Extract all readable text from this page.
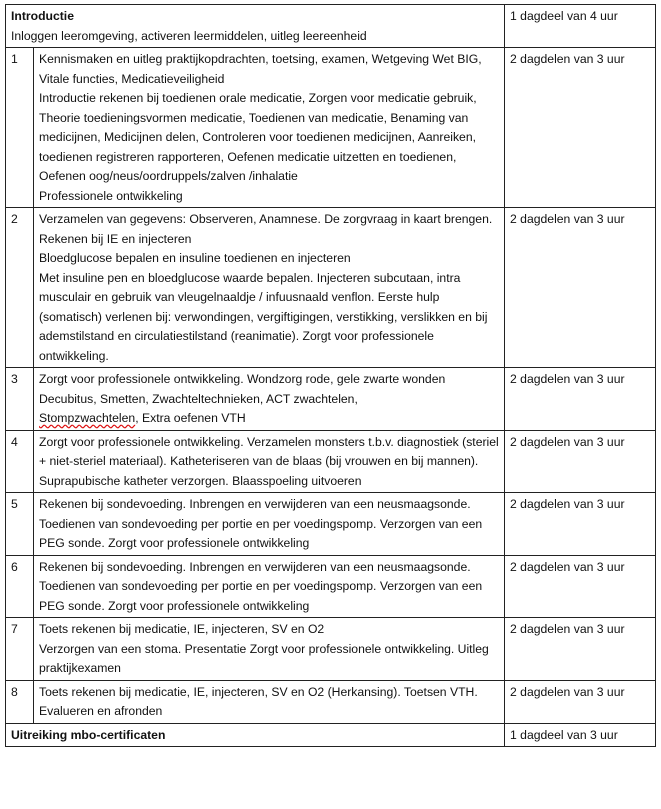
Introductie
Inloggen leeromgeving, activeren leermiddelen, uitleg leereenheid		1 dagdeel van 4 uur
1	Kennismaken en uitleg praktijkopdrachten, toetsing, examen, Wetgeving Wet BIG, Vitale functies, Medicatieveiligheid
Introductie rekenen bij toedienen orale medicatie, Zorgen voor medicatie gebruik, Theorie toedieningsvormen medicatie, Toedienen van medicatie, Benaming van medicijnen, Medicijnen delen, Controleren voor toedienen medicijnen, Aanreiken, toedienen registreren rapporteren, Oefenen medicatie uitzetten en toedienen, Oefenen oog/neus/oordruppels/zalven /inhalatie
Professionele ontwikkeling	2 dagdelen van 3 uur
2	Verzamelen van gegevens: Observeren, Anamnese. De zorgvraag in kaart brengen. Rekenen bij IE en injecteren
Bloedglucose bepalen en insuline toedienen en injecteren
Met insuline pen en bloedglucose waarde bepalen. Injecteren subcutaan, intra musculair en gebruik van vleugelnaaldje / infuusnaald venflon. Eerste hulp (somatisch) verlenen bij: verwondingen, vergiftigingen, verstikking, verslikken en bij ademstilstand en circulatiestilstand (reanimatie). Zorgt voor professionele ontwikkeling.	2 dagdelen van 3 uur
3	Zorgt voor professionele ontwikkeling. Wondzorg rode, gele zwarte wonden Decubitus, Smetten, Zwachteltechnieken, ACT zwachtelen,
Stompzwachtelen, Extra oefenen VTH	2 dagdelen van 3 uur
4	Zorgt voor professionele ontwikkeling. Verzamelen monsters t.b.v. diagnostiek (steriel + niet-steriel materiaal). Katheteriseren van de blaas (bij vrouwen en bij mannen). Suprapubische katheter verzorgen. Blaasspoeling uitvoeren	2 dagdelen van 3 uur
5	Rekenen bij sondevoeding. Inbrengen en verwijderen van een neusmaagsonde. Toedienen van sondevoeding per portie en per voedingspomp. Verzorgen van een PEG sonde. Zorgt voor professionele ontwikkeling	2 dagdelen van 3 uur
6	Rekenen bij sondevoeding. Inbrengen en verwijderen van een neusmaagsonde. Toedienen van sondevoeding per portie en per voedingspomp. Verzorgen van een PEG sonde. Zorgt voor professionele ontwikkeling	2 dagdelen van 3 uur
7	Toets rekenen bij medicatie, IE, injecteren, SV en O2
Verzorgen van een stoma. Presentatie Zorgt voor professionele ontwikkeling. Uitleg praktijkexamen	2 dagdelen van 3 uur
8	Toets rekenen bij medicatie, IE, injecteren, SV en O2 (Herkansing). Toetsen VTH. Evalueren en afronden	2 dagdelen van 3 uur
Uitreiking mbo-certificaten		1 dagdeel van 3 uur
